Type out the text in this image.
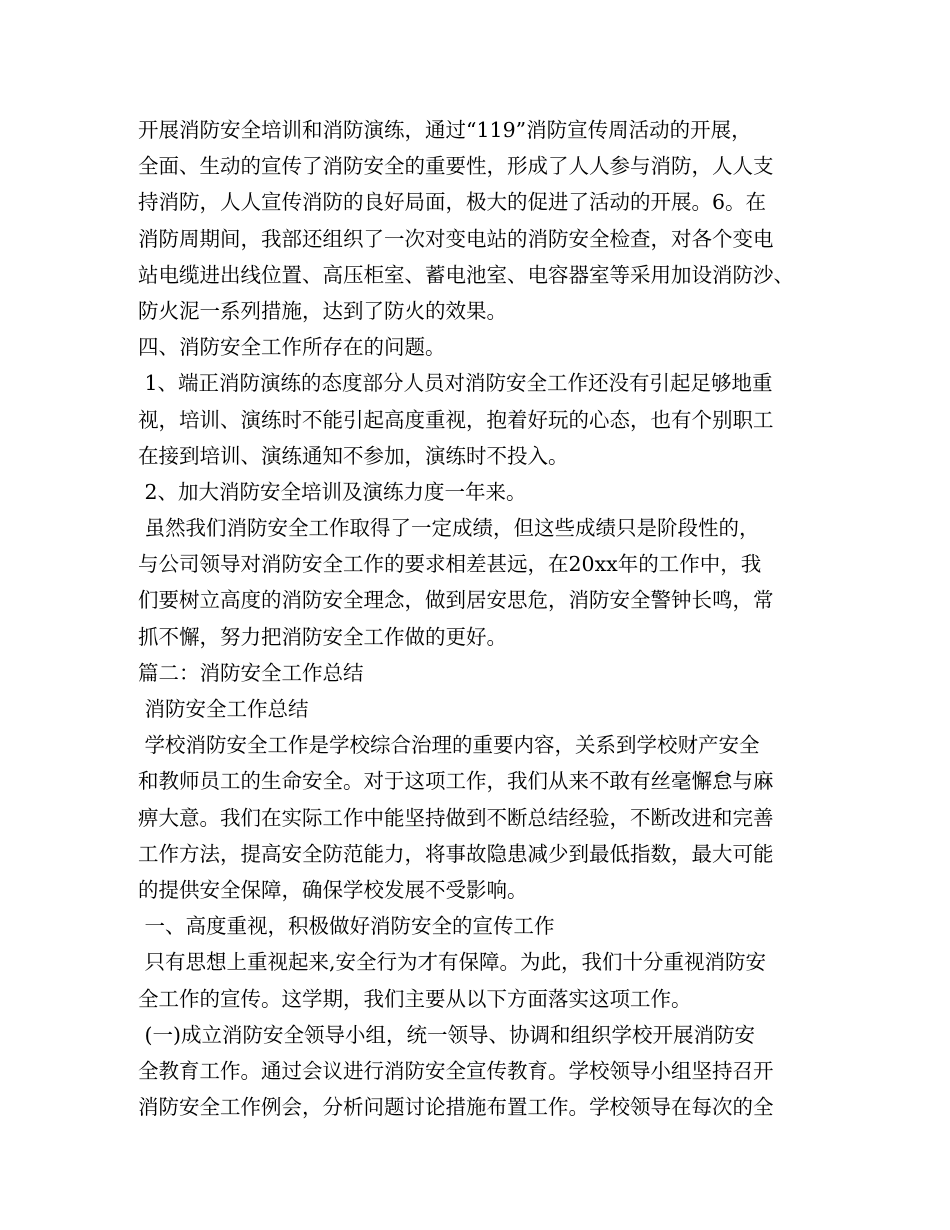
开展消防安全培训和消防演练，通过“119”消防宣传周活动的开展，
全面、生动的宣传了消防安全的重要性，形成了人人参与消防，人人支
持消防，人人宣传消防的良好局面，极大的促进了活动的开展。6。在
消防周期间，我部还组织了一次对变电站的消防安全检查，对各个变电
站电缆进出线位置、高压柜室、蓄电池室、电容器室等采用加设消防沙、
防火泥一系列措施，达到了防火的效果。
四、消防安全工作所存在的问题。
1、端正消防演练的态度部分人员对消防安全工作还没有引起足够地重
视，培训、演练时不能引起高度重视，抱着好玩的心态，也有个别职工
在接到培训、演练通知不参加，演练时不投入。
2、加大消防安全培训及演练力度一年来。
虽然我们消防安全工作取得了一定成绩，但这些成绩只是阶段性的，
与公司领导对消防安全工作的要求相差甚远，在20xx年的工作中，我
们要树立高度的消防安全理念，做到居安思危，消防安全警钟长鸣，常
抓不懈，努力把消防安全工作做的更好。
篇二：消防安全工作总结
消防安全工作总结
学校消防安全工作是学校综合治理的重要内容，关系到学校财产安全
和教师员工的生命安全。对于这项工作，我们从来不敢有丝毫懈怠与麻
痹大意。我们在实际工作中能坚持做到不断总结经验，不断改进和完善
工作方法，提高安全防范能力，将事故隐患减少到最低指数，最大可能
的提供安全保障，确保学校发展不受影响。
一、高度重视，积极做好消防安全的宣传工作
只有思想上重视起来,安全行为才有保障。为此，我们十分重视消防安
全工作的宣传。这学期，我们主要从以下方面落实这项工作。
(一)成立消防安全领导小组，统一领导、协调和组织学校开展消防安
全教育工作。通过会议进行消防安全宣传教育。学校领导小组坚持召开
消防安全工作例会，分析问题讨论措施布置工作。学校领导在每次的全
